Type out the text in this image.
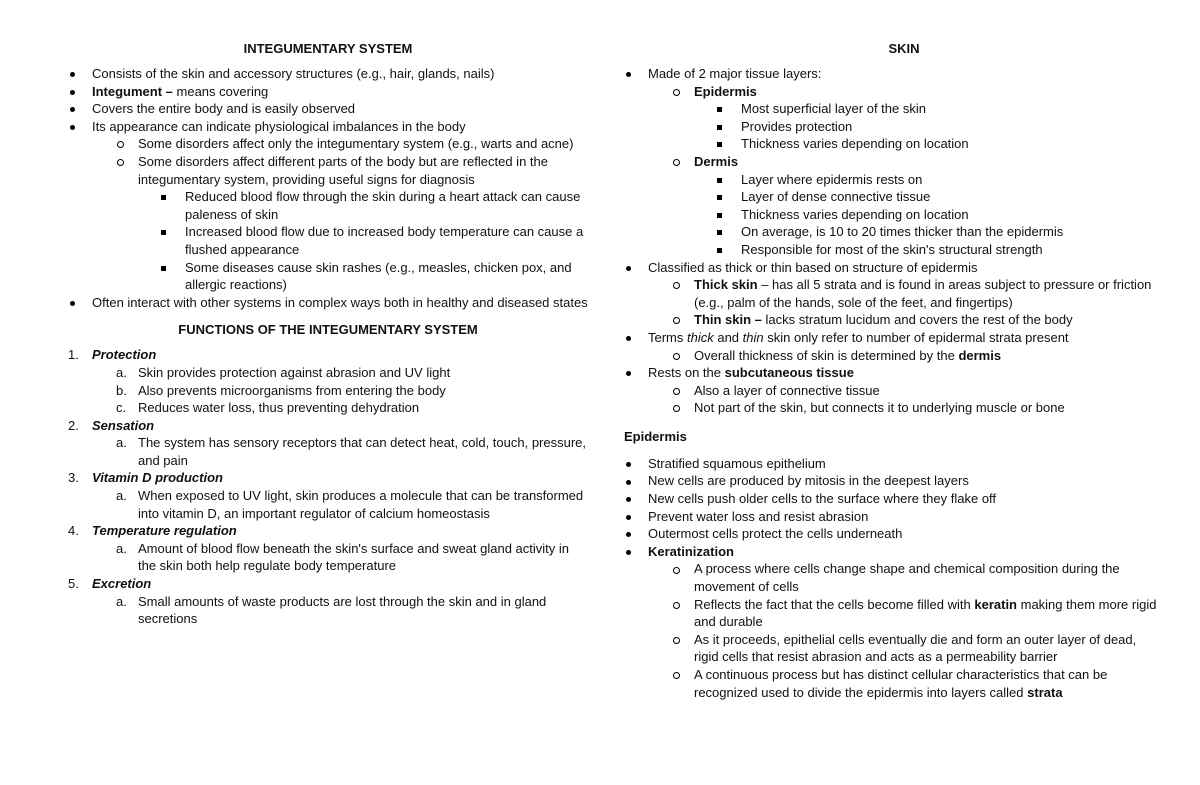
INTEGUMENTARY SYSTEM
Consists of the skin and accessory structures (e.g., hair, glands, nails)
Integument – means covering
Covers the entire body and is easily observed
Its appearance can indicate physiological imbalances in the body
Some disorders affect only the integumentary system (e.g., warts and acne)
Some disorders affect different parts of the body but are reflected in the integumentary system, providing useful signs for diagnosis
Reduced blood flow through the skin during a heart attack can cause paleness of skin
Increased blood flow due to increased body temperature can cause a flushed appearance
Some diseases cause skin rashes (e.g., measles, chicken pox, and allergic reactions)
Often interact with other systems in complex ways both in healthy and diseased states
FUNCTIONS OF THE INTEGUMENTARY SYSTEM
1.	Protection
a. Skin provides protection against abrasion and UV light
b. Also prevents microorganisms from entering the body
c. Reduces water loss, thus preventing dehydration
2.	Sensation
a. The system has sensory receptors that can detect heat, cold, touch, pressure, and pain
3.	Vitamin D production
a. When exposed to UV light, skin produces a molecule that can be transformed into vitamin D, an important regulator of calcium homeostasis
4.	Temperature regulation
a. Amount of blood flow beneath the skin's surface and sweat gland activity in the skin both help regulate body temperature
5.	Excretion
a. Small amounts of waste products are lost through the skin and in gland secretions
SKIN
Made of 2 major tissue layers:
Epidermis
Most superficial layer of the skin
Provides protection
Thickness varies depending on location
Dermis
Layer where epidermis rests on
Layer of dense connective tissue
Thickness varies depending on location
On average, is 10 to 20 times thicker than the epidermis
Responsible for most of the skin's structural strength
Classified as thick or thin based on structure of epidermis
Thick skin – has all 5 strata and is found in areas subject to pressure or friction (e.g., palm of the hands, sole of the feet, and fingertips)
Thin skin – lacks stratum lucidum and covers the rest of the body
Terms thick and thin skin only refer to number of epidermal strata present
Overall thickness of skin is determined by the dermis
Rests on the subcutaneous tissue
Also a layer of connective tissue
Not part of the skin, but connects it to underlying muscle or bone
Epidermis
Stratified squamous epithelium
New cells are produced by mitosis in the deepest layers
New cells push older cells to the surface where they flake off
Prevent water loss and resist abrasion
Outermost cells protect the cells underneath
Keratinization
A process where cells change shape and chemical composition during the movement of cells
Reflects the fact that the cells become filled with keratin making them more rigid and durable
As it proceeds, epithelial cells eventually die and form an outer layer of dead, rigid cells that resist abrasion and acts as a permeability barrier
A continuous process but has distinct cellular characteristics that can be recognized used to divide the epidermis into layers called strata
